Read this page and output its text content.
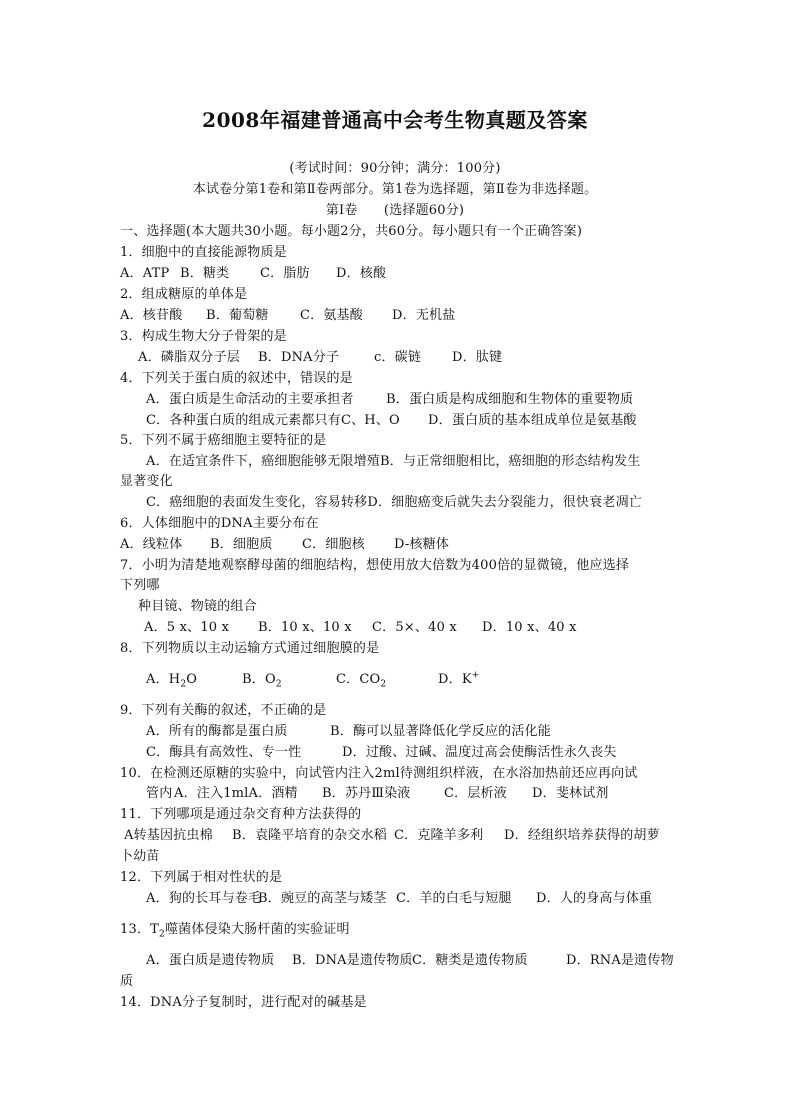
2008年福建普通高中会考生物真题及答案
(考试时间：90分钟；满分：100分)
本试卷分第1卷和第Ⅱ卷两部分。第1卷为选择题，第Ⅱ卷为非选择题。
第Ⅰ卷　　(选择题60分)
一、选择题(本大题共30小题。每小题2分，共60分。每小题只有一个正确答案)
1．细胞中的直接能源物质是
A．ATP B．糖类 C．脂肪 D．核酸
2．组成糖原的单体是
A．核苷酸 B．葡萄糖 C．氨基酸 D．无机盐
3．构成生物大分子骨架的是
A．磷脂双分子层 B．DNA分子	c．碳链 D．肽键
4．下列关于蛋白质的叙述中，错误的是
A．蛋白质是生命活动的主要承担者 B．蛋白质是构成细胞和生物体的重要物质
C．各种蛋白质的组成元素都只有C、H、O D．蛋白质的基本组成单位是氨基酸
5．下列不属于癌细胞主要特征的是
A．在适宜条件下，癌细胞能够无限增殖B．与正常细胞相比，癌细胞的形态结构发生
显著变化
C．癌细胞的表面发生变化，容易转移D．细胞癌变后就失去分裂能力，很快衰老凋亡
6．人体细胞中的DNA主要分布在
A．线粒体 B．细胞质 C．细胞核 D-核糖体
7．小明为清楚地观察酵母菌的细胞结构，想使用放大倍数为400倍的显微镜，他应选择
下列哪
种目镜、物镜的组合
A．5 x、10 x B．10 x、10 x C．5×、40 x D．10 x、40 x
8．下列物质以主动运输方式通过细胞膜的是
A．$H_2O$	B．$O_2$	C．$CO_2$	D．K+
9．下列有关酶的叙述，不正确的是
A．所有的酶都是蛋白质	B．酶可以显著降低化学反应的活化能
C．酶具有高效性、专一性	D．过酸、过碱、温度过高会使酶活性永久丧失
10．在检测还原糖的实验中，向试管内注入2ml待测组织样液，在水浴加热前还应再向试
管内 A．注入1mlA．酒精 B．苏丹Ⅲ染液	C．层析液 D．斐林试剂
11．下列哪项是通过杂交育种方法获得的
A转基因抗虫棉 B．袁隆平培育的杂交水稻 C．克隆羊多利 D．经组织培养获得的胡萝
卜幼苗
12．下列属于相对性状的是
A．狗的长耳与卷毛B．豌豆的高茎与矮茎 C．羊的白毛与短腿 D．人的身高与体重
13．$T_2$噬菌体侵染大肠杆菌的实验证明
A．蛋白质是遗传物质 B．DNA是遗传物质C．糖类是遗传物质	D．RNA是遗传物
质
14．DNA分子复制时，进行配对的碱基是
